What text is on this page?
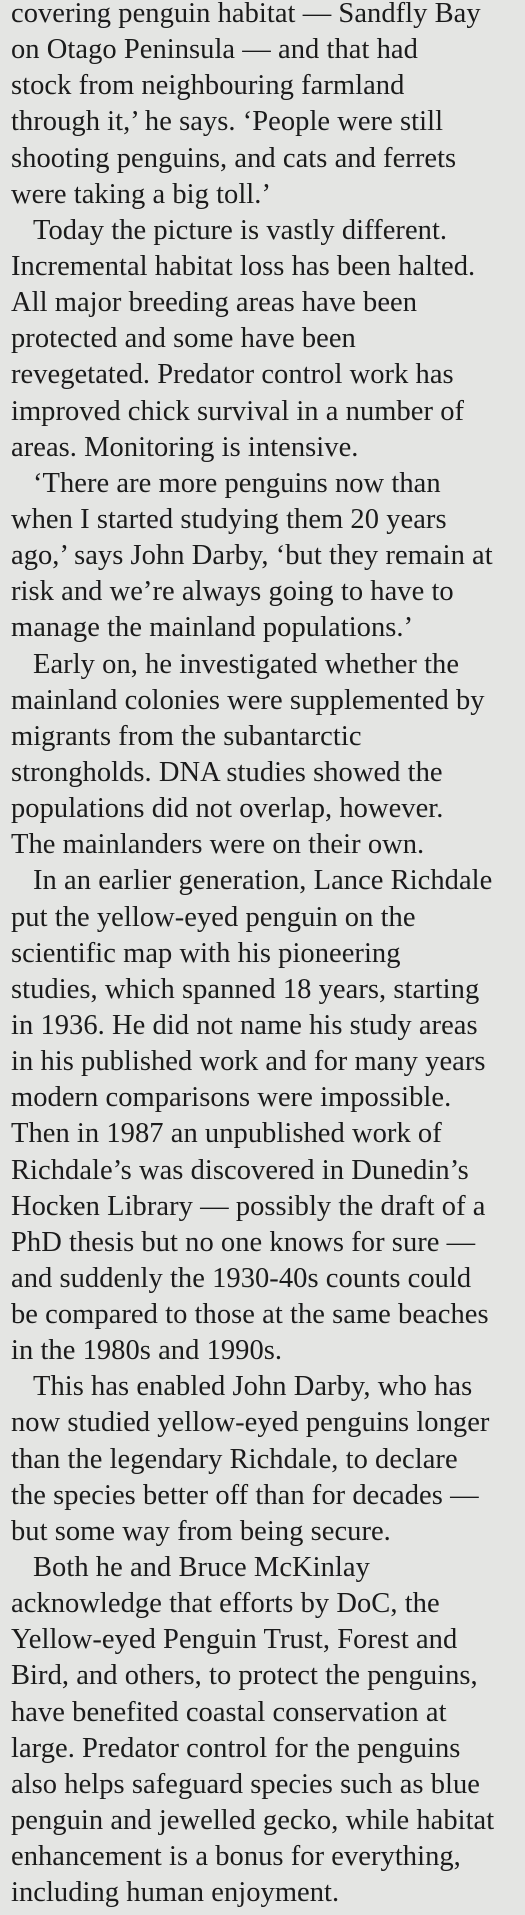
covering penguin habitat — Sandfly Bay
on Otago Peninsula — and that had
stock from neighbouring farmland
through it,’ he says. ‘People were still
shooting penguins, and cats and ferrets
were taking a big toll.’
Today the picture is vastly different.
Incremental habitat loss has been halted.
All major breeding areas have been
protected and some have been
revegetated. Predator control work has
improved chick survival in a number of
areas. Monitoring is intensive.
‘There are more penguins now than
when I started studying them 20 years
ago,’ says John Darby, ‘but they remain at
risk and we’re always going to have to
manage the mainland populations.’
Early on, he investigated whether the
mainland colonies were supplemented by
migrants from the subantarctic
strongholds. DNA studies showed the
populations did not overlap, however.
The mainlanders were on their own.
In an earlier generation, Lance Richdale
put the yellow-eyed penguin on the
scientific map with his pioneering
studies, which spanned 18 years, starting
in 1936. He did not name his study areas
in his published work and for many years
modern comparisons were impossible.
Then in 1987 an unpublished work of
Richdale’s was discovered in Dunedin’s
Hocken Library — possibly the draft of a
PhD thesis but no one knows for sure —
and suddenly the 1930-40s counts could
be compared to those at the same beaches
in the 1980s and 1990s.
This has enabled John Darby, who has
now studied yellow-eyed penguins longer
than the legendary Richdale, to declare
the species better off than for decades —
but some way from being secure.
Both he and Bruce McKinlay
acknowledge that efforts by DoC, the
Yellow-eyed Penguin Trust, Forest and
Bird, and others, to protect the penguins,
have benefited coastal conservation at
large. Predator control for the penguins
also helps safeguard species such as blue
penguin and jewelled gecko, while habitat
enhancement is a bonus for everything,
including human enjoyment.
